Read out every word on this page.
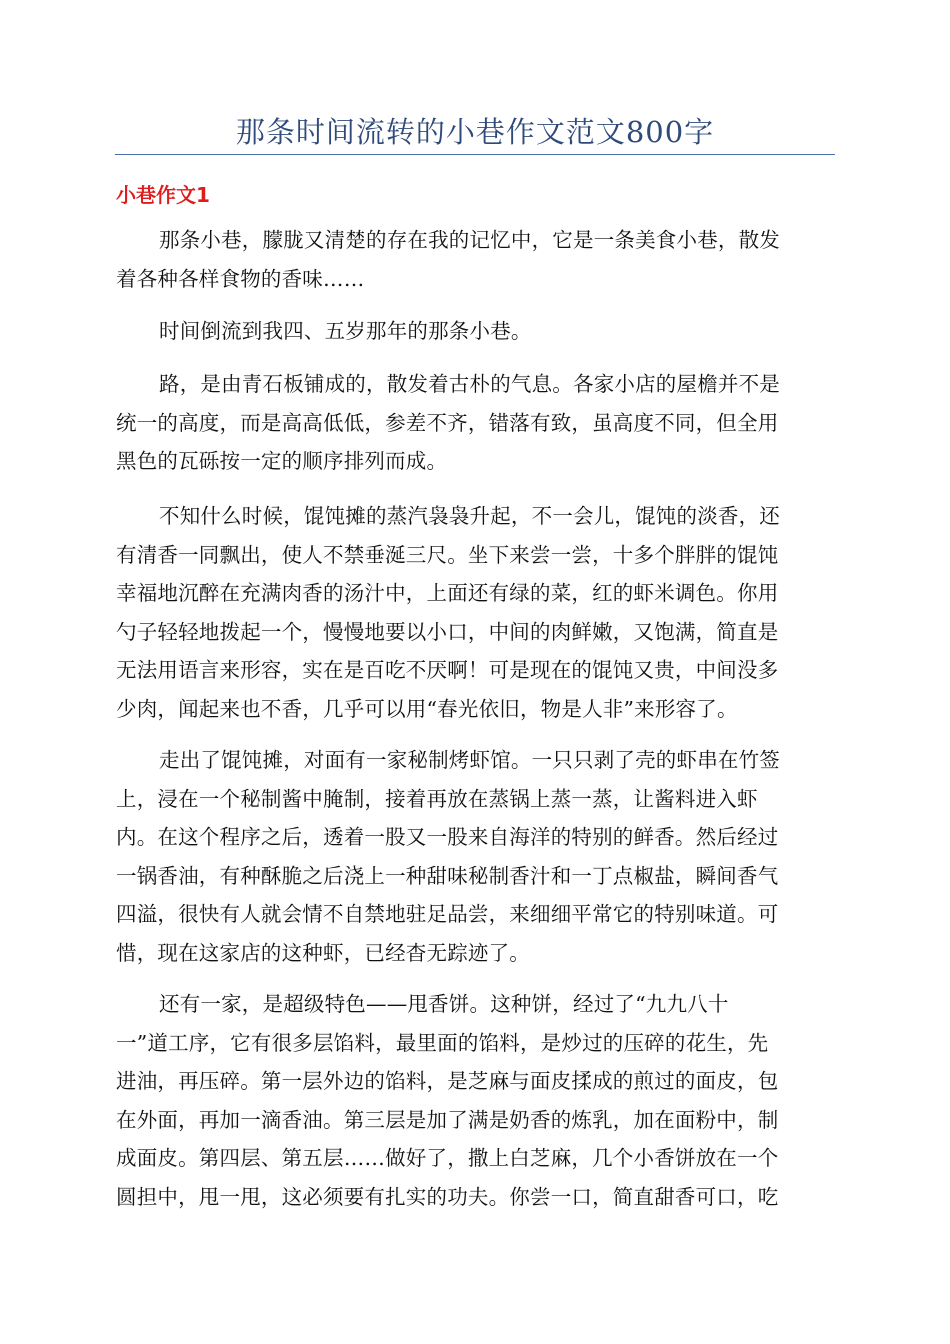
那条时间流转的小巷作文范文800字
小巷作文1

那条小巷，朦胧又清楚的存在我的记忆中，它是一条美食小巷，散发
着各种各样食物的香味……

时间倒流到我四、五岁那年的那条小巷。

路，是由青石板铺成的，散发着古朴的气息。各家小店的屋檐并不是
统一的高度，而是高高低低，参差不齐，错落有致，虽高度不同，但全用
黑色的瓦砾按一定的顺序排列而成。

不知什么时候，馄饨摊的蒸汽袅袅升起，不一会儿，馄饨的淡香，还
有清香一同飘出，使人不禁垂涎三尺。坐下来尝一尝，十多个胖胖的馄饨
幸福地沉醉在充满肉香的汤汁中，上面还有绿的菜，红的虾米调色。你用
勺子轻轻地拨起一个，慢慢地要以小口，中间的肉鲜嫩，又饱满，简直是
无法用语言来形容，实在是百吃不厌啊！可是现在的馄饨又贵，中间没多
少肉，闻起来也不香，几乎可以用“春光依旧，物是人非”来形容了。

走出了馄饨摊，对面有一家秘制烤虾馆。一只只剥了壳的虾串在竹签
上，浸在一个秘制酱中腌制，接着再放在蒸锅上蒸一蒸，让酱料进入虾
内。在这个程序之后，透着一股又一股来自海洋的特别的鲜香。然后经过
一锅香油，有种酥脆之后浇上一种甜味秘制香汁和一丁点椒盐，瞬间香气
四溢，很快有人就会情不自禁地驻足品尝，来细细平常它的特别味道。可
惜，现在这家店的这种虾，已经杳无踪迹了。

还有一家，是超级特色——甩香饼。这种饼，经过了“九九八十
一”道工序，它有很多层馅料，最里面的馅料，是炒过的压碎的花生，先
进油，再压碎。第一层外边的馅料，是芝麻与面皮揉成的煎过的面皮，包
在外面，再加一滴香油。第三层是加了满是奶香的炼乳，加在面粉中，制
成面皮。第四层、第五层……做好了，撒上白芝麻，几个小香饼放在一个
圆担中，甩一甩，这必须要有扎实的功夫。你尝一口，简直甜香可口，吃
